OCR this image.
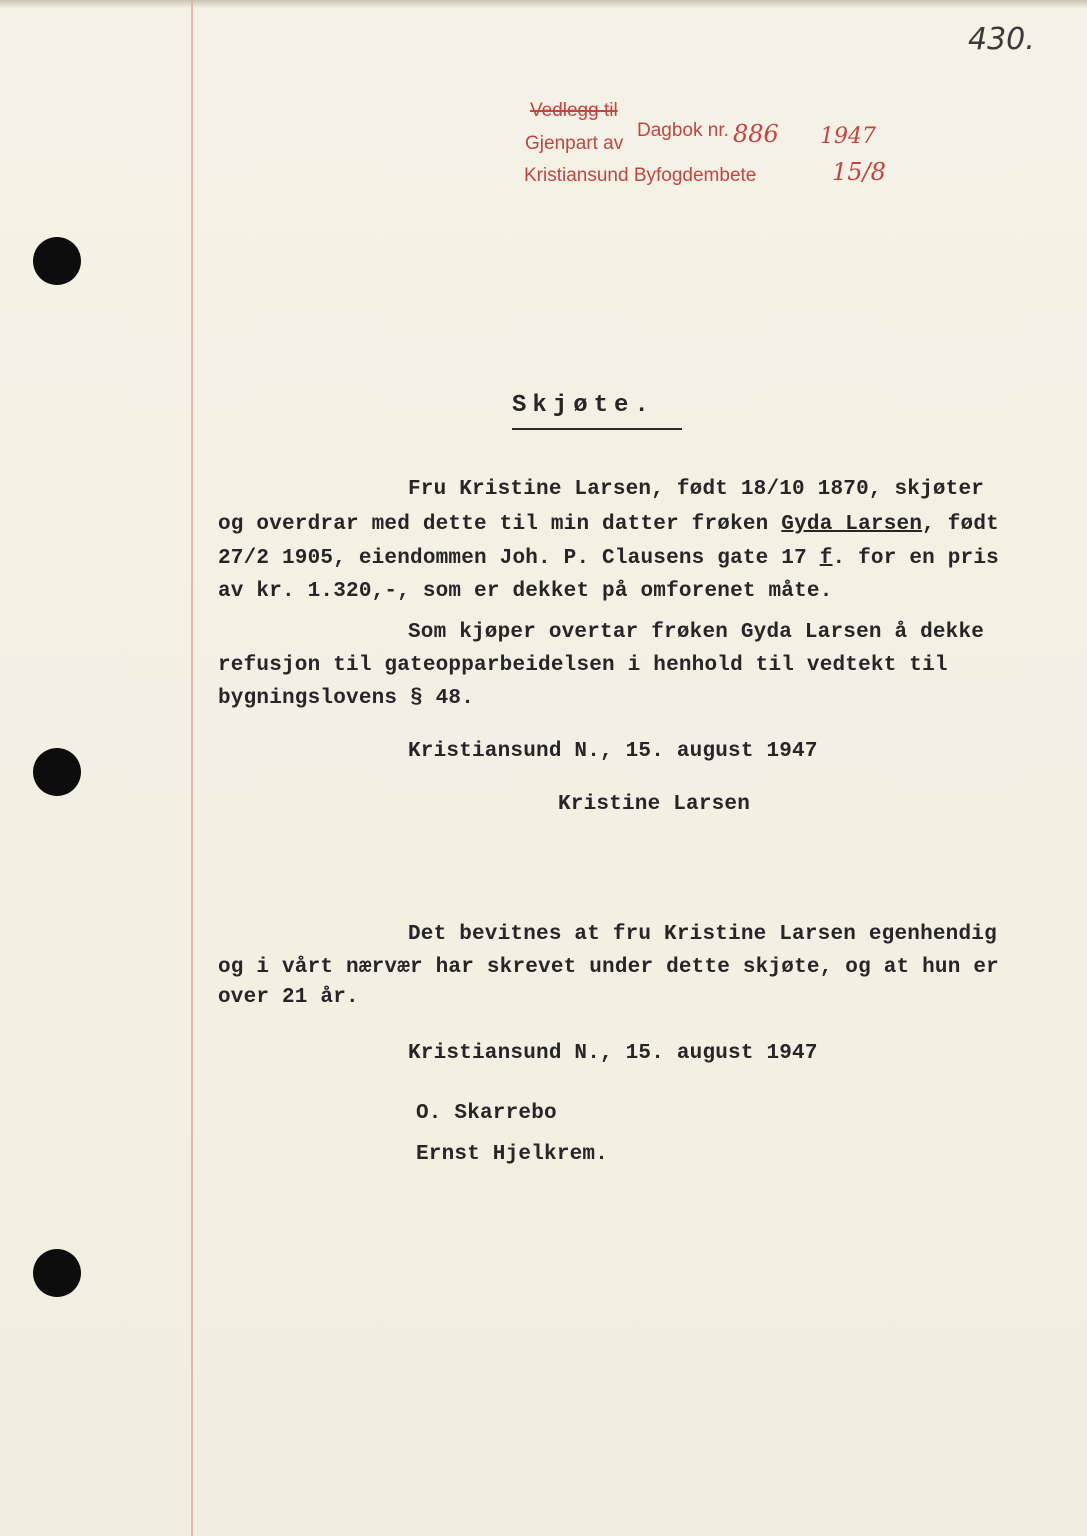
430.
Vedlegg til
Gjenpart av
Dagbok nr. 886 1947
Kristiansund Byfogdembete	15/8
Skjøte.
Fru Kristine Larsen, født 18/10 1870, skjøter
og overdrar med dette til min datter frøken Gyda Larsen, født
27/2 1905, eiendommen Joh. P. Clausens gate 17 f. for en pris
av kr. 1.320,-, som er dekket på omforenet måte.
Som kjøper overtar frøken Gyda Larsen å dekke
refusjon til gateopparbeidelsen i henhold til vedtekt til
bygningslovens § 48.
Kristiansund N., 15. august 1947
Kristine Larsen
Det bevitnes at fru Kristine Larsen egenhendig
og i vårt nærvær har skrevet under dette skjøte, og at hun er
over 21 år.
Kristiansund N., 15. august 1947
O. Skarrebo
Ernst Hjelkrem.
